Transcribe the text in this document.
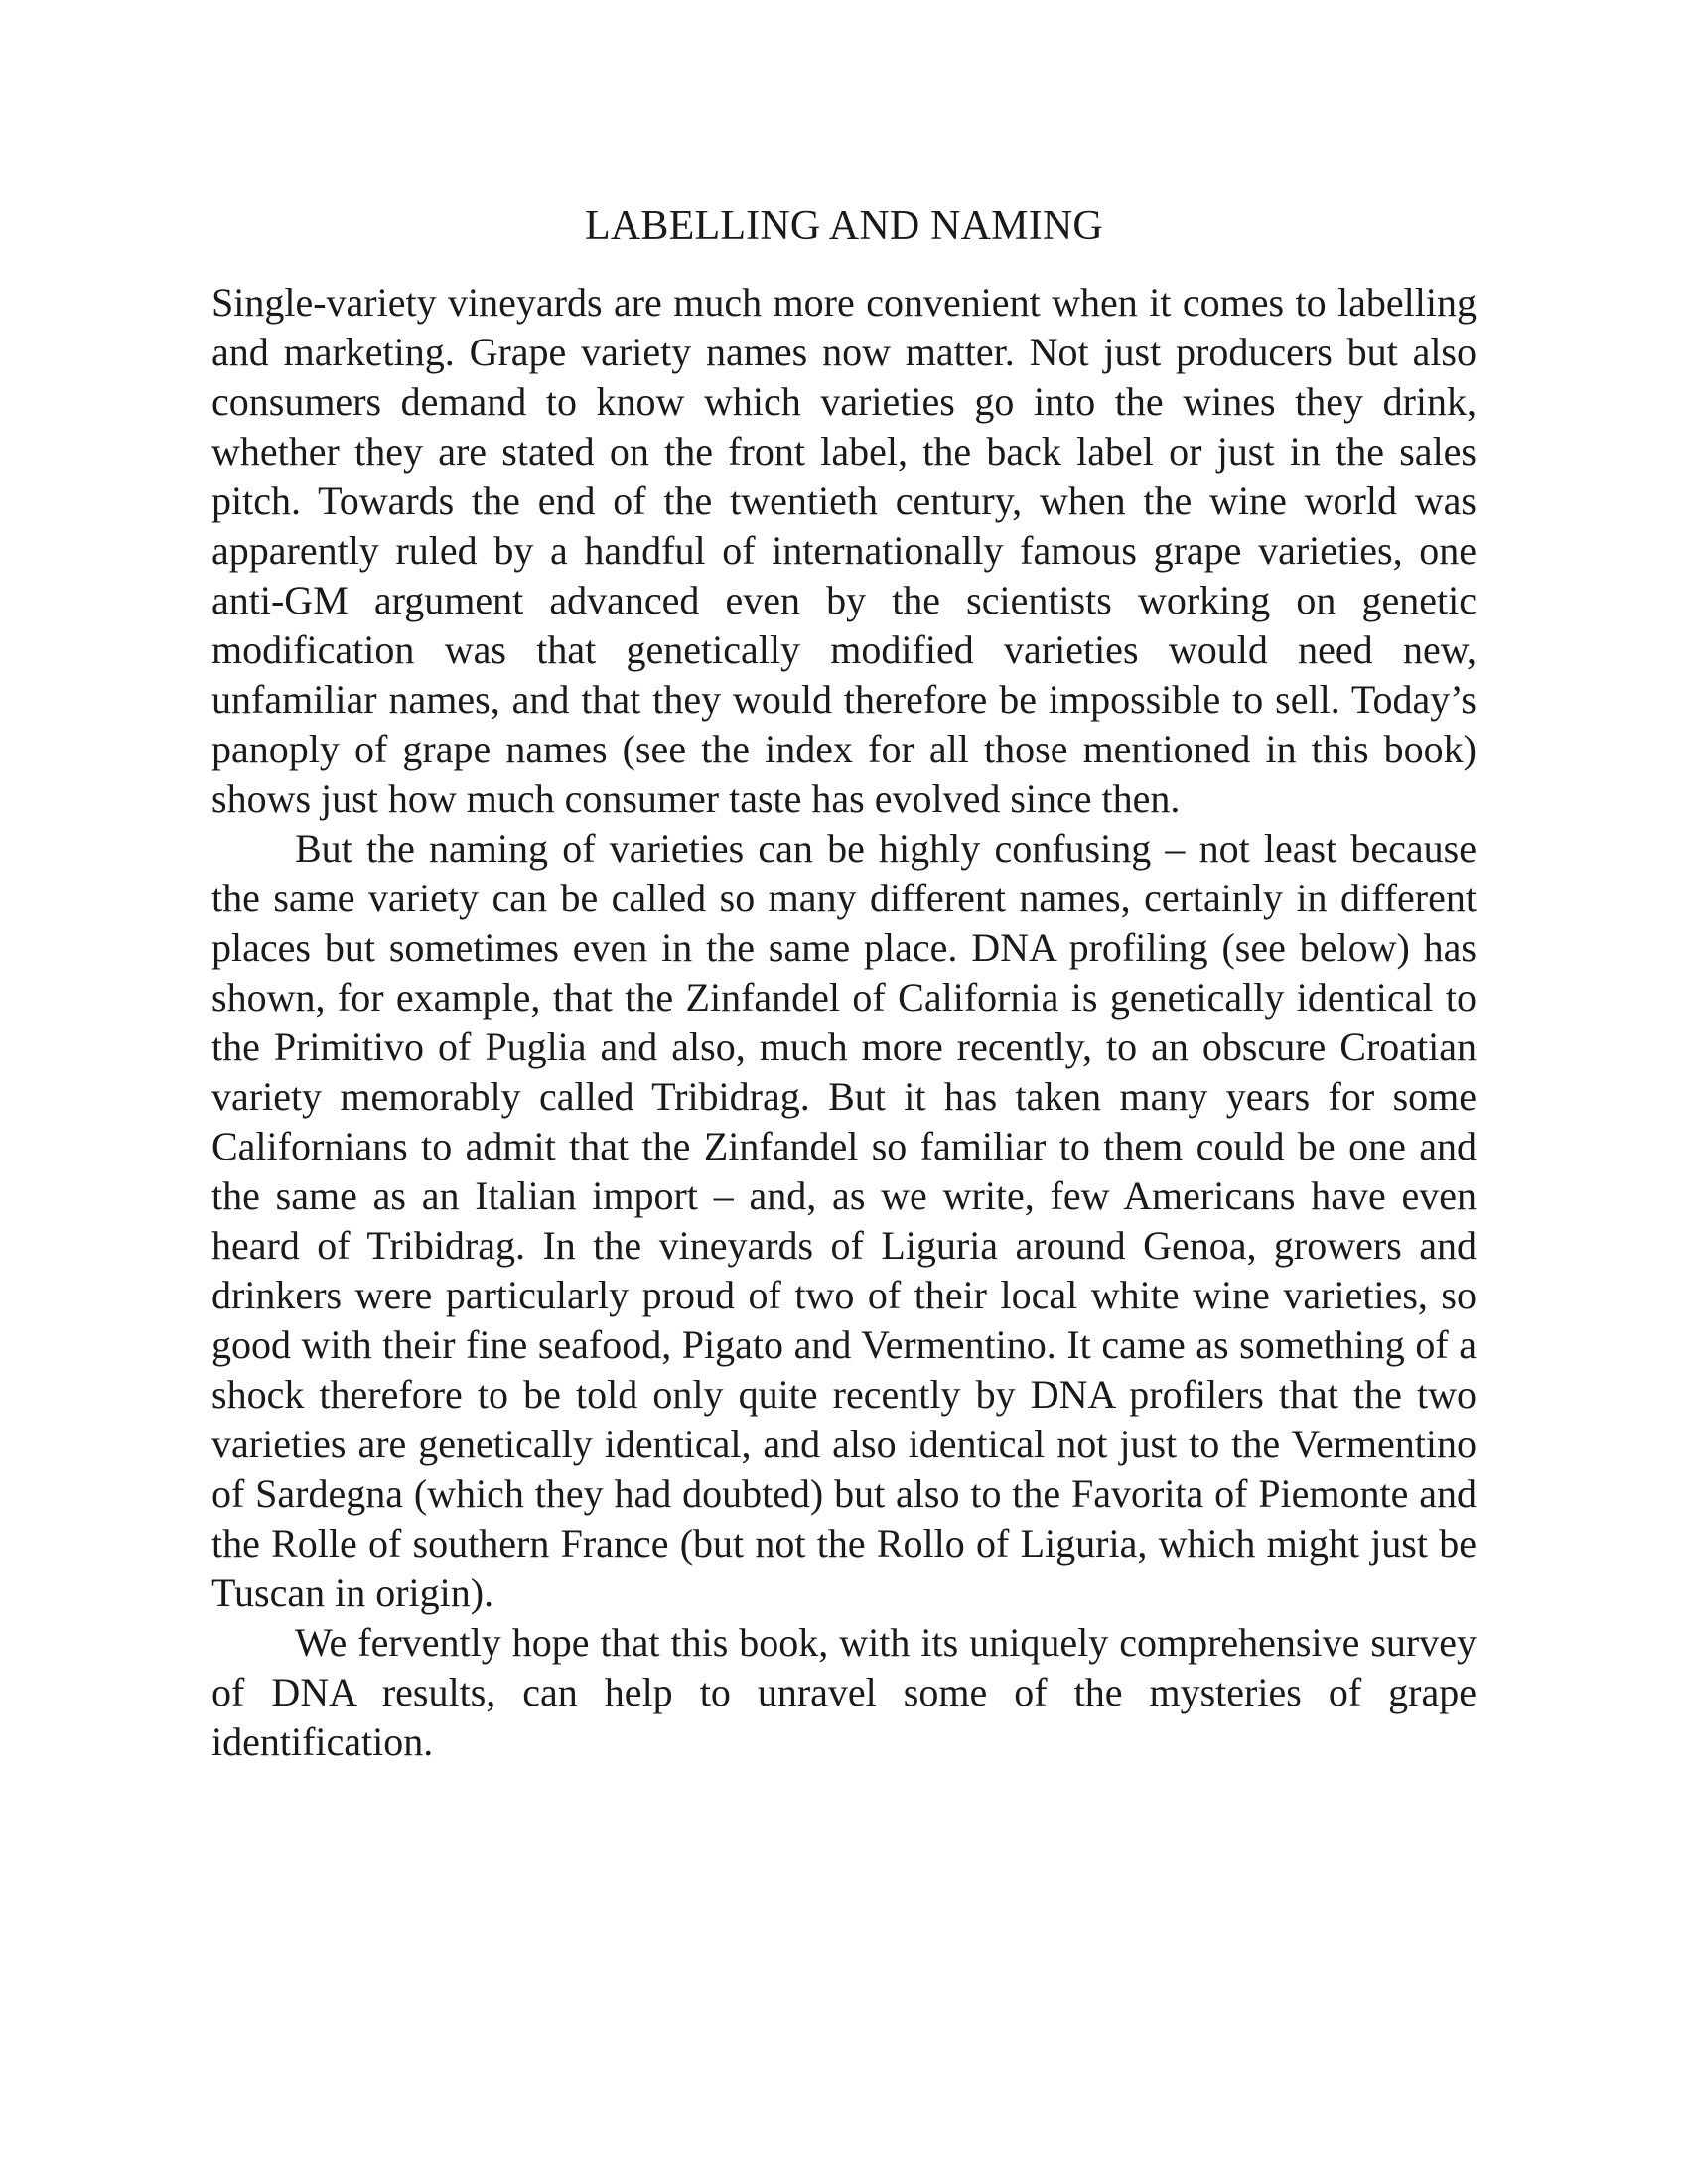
LABELLING AND NAMING

Single-variety vineyards are much more convenient when it comes to labelling and marketing. Grape variety names now matter. Not just producers but also consumers demand to know which varieties go into the wines they drink, whether they are stated on the front label, the back label or just in the sales pitch. Towards the end of the twentieth century, when the wine world was apparently ruled by a handful of internationally famous grape varieties, one anti-GM argument advanced even by the scientists working on genetic modification was that genetically modified varieties would need new, unfamiliar names, and that they would therefore be impossible to sell. Today’s panoply of grape names (see the index for all those mentioned in this book) shows just how much consumer taste has evolved since then.

But the naming of varieties can be highly confusing – not least because the same variety can be called so many different names, certainly in different places but sometimes even in the same place. DNA profiling (see below) has shown, for example, that the Zinfandel of California is genetically identical to the Primitivo of Puglia and also, much more recently, to an obscure Croatian variety memorably called Tribidrag. But it has taken many years for some Californians to admit that the Zinfandel so familiar to them could be one and the same as an Italian import – and, as we write, few Americans have even heard of Tribidrag. In the vineyards of Liguria around Genoa, growers and drinkers were particularly proud of two of their local white wine varieties, so good with their fine seafood, Pigato and Vermentino. It came as something of a shock therefore to be told only quite recently by DNA profilers that the two varieties are genetically identical, and also identical not just to the Vermentino of Sardegna (which they had doubted) but also to the Favorita of Piemonte and the Rolle of southern France (but not the Rollo of Liguria, which might just be Tuscan in origin).

We fervently hope that this book, with its uniquely comprehensive survey of DNA results, can help to unravel some of the mysteries of grape identification.
